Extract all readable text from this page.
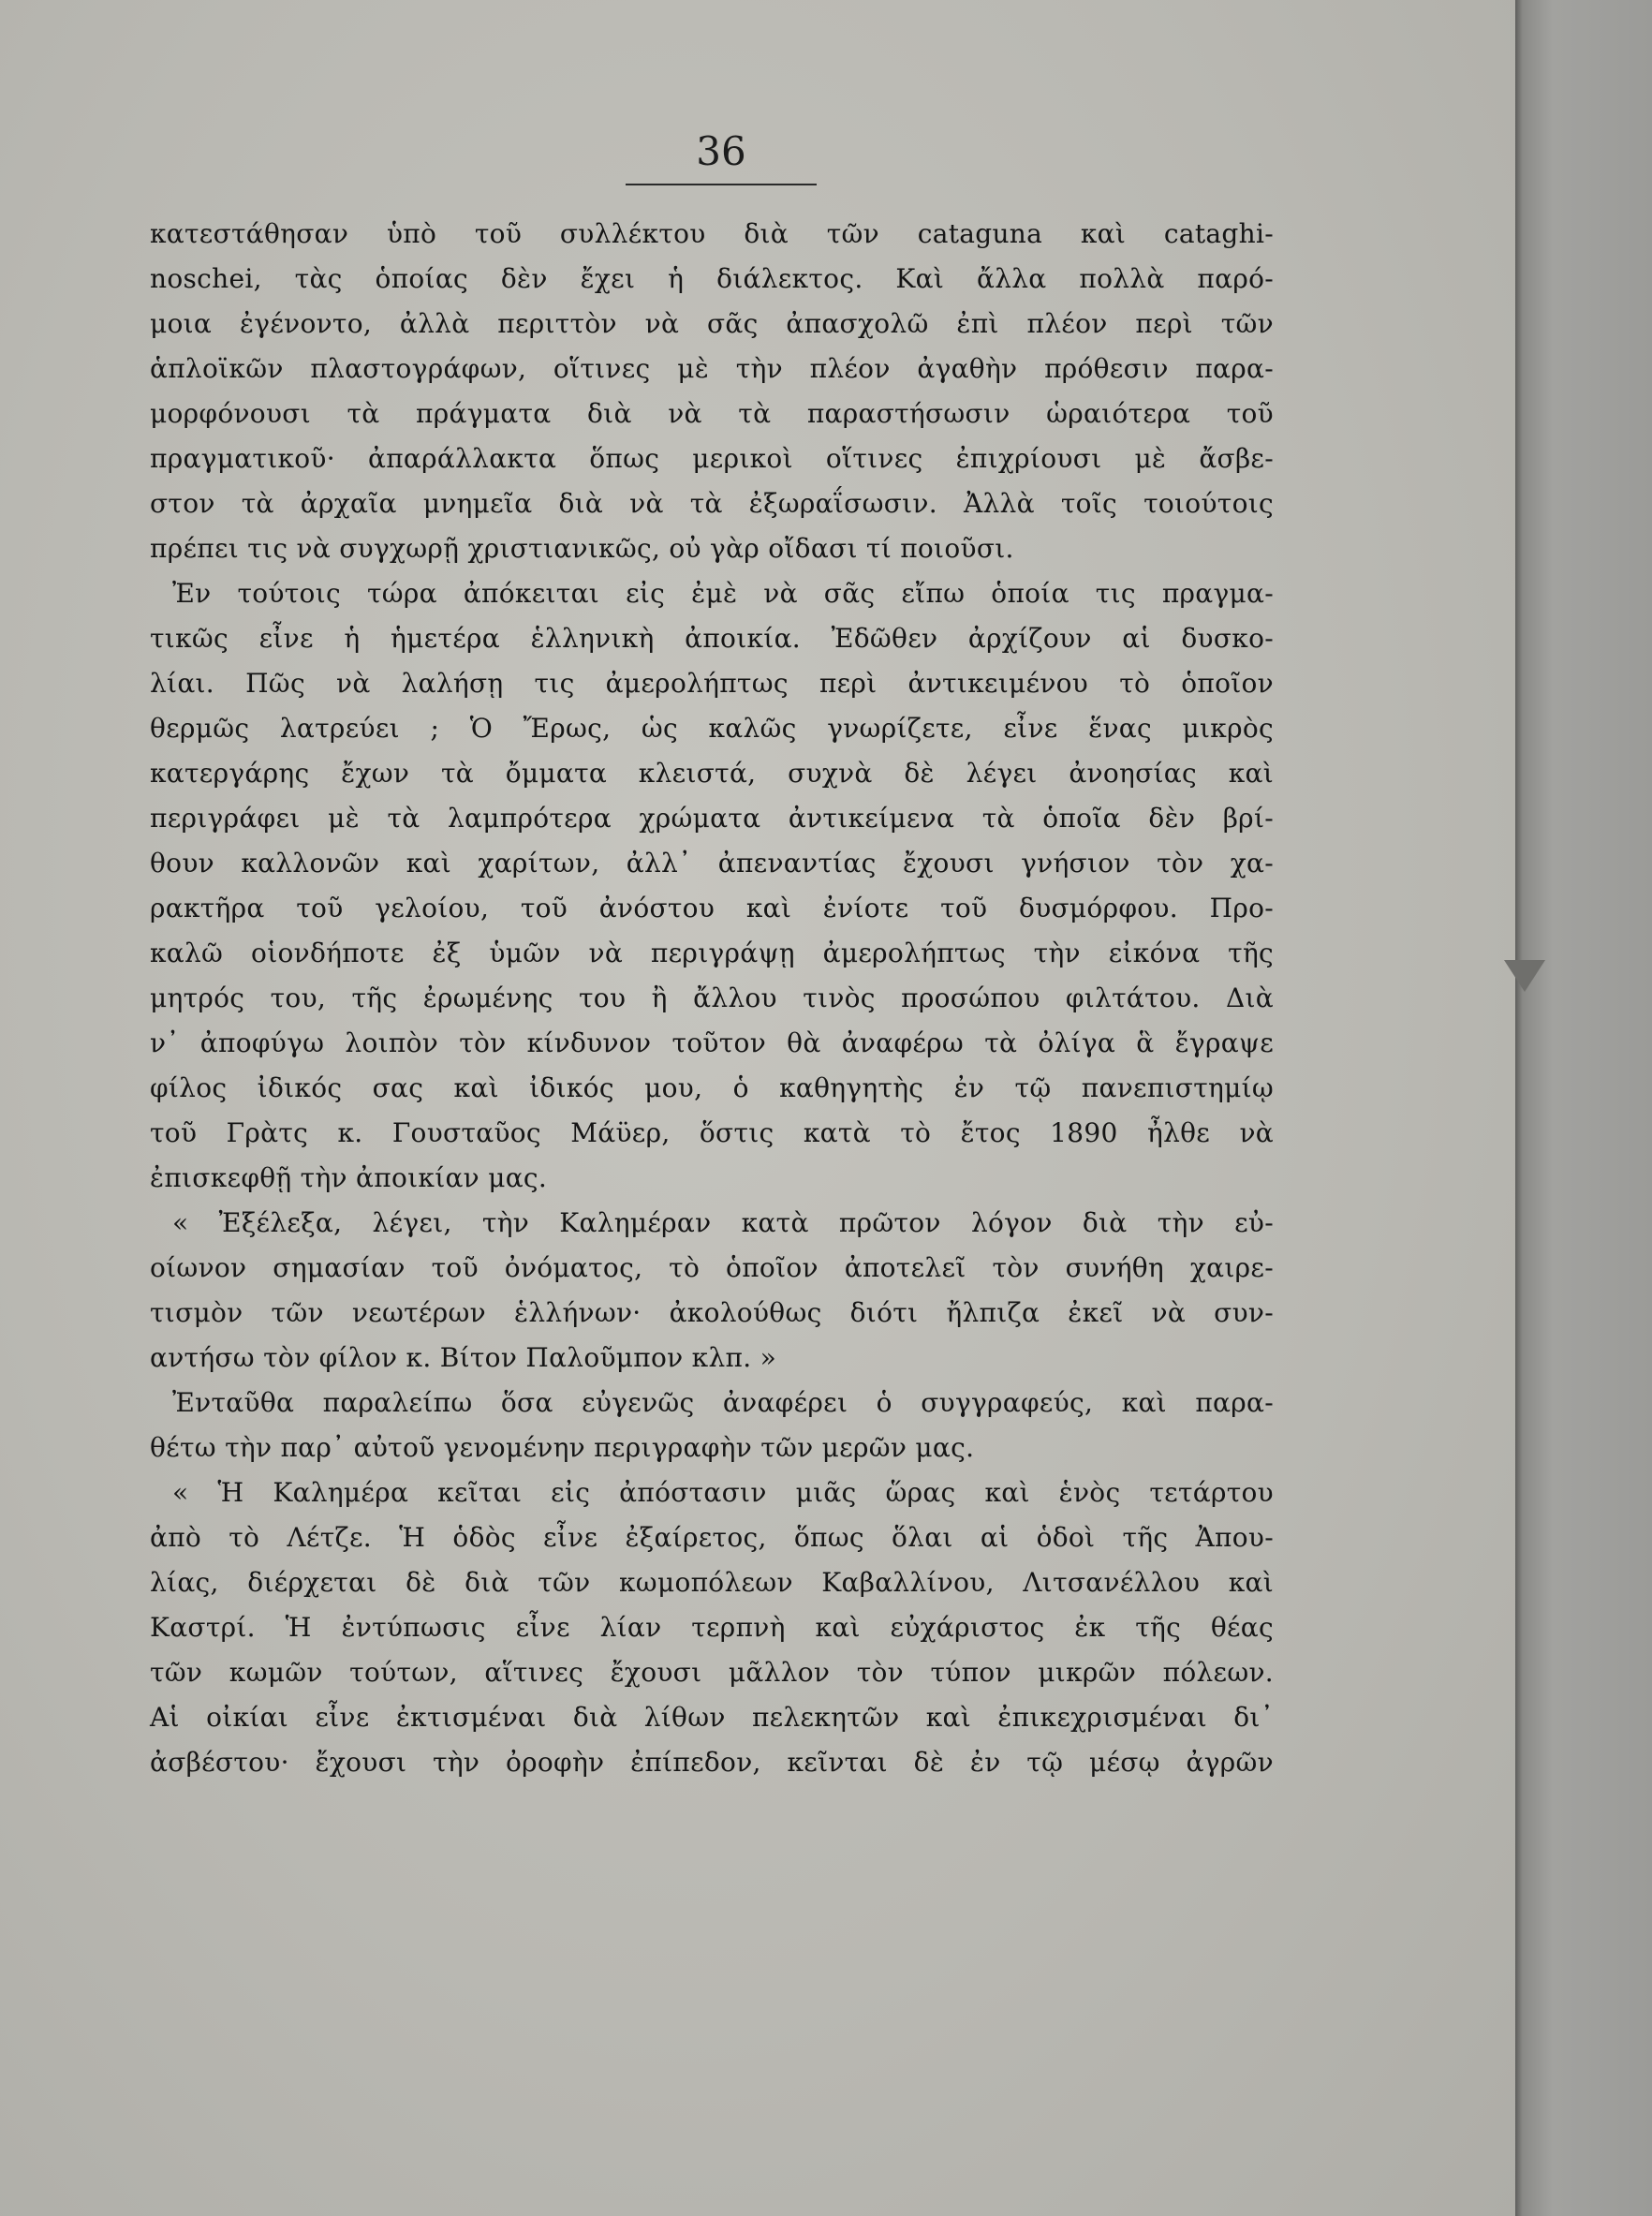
36
κατεστάθησαν ὑπὸ τοῦ συλλέκτου διὰ τῶν cataguna καὶ cataghi-
noschei, τὰς ὁποίας δὲν ἔχει ἡ διάλεκτος. Καὶ ἄλλα πολλὰ παρό-
μοια ἐγένοντο, ἀλλὰ περιττὸν νὰ σᾶς ἀπασχολῶ ἐπὶ πλέον περὶ τῶν
ἁπλοϊκῶν πλαστογράφων, οἵτινες μὲ τὴν πλέον ἀγαθὴν πρόθεσιν παρα-
μορφόνουσι τὰ πράγματα διὰ νὰ τὰ παραστήσωσιν ὡραιότερα τοῦ
πραγματικοῦ· ἀπαράλλακτα ὅπως μερικοὶ οἵτινες ἐπιχρίουσι μὲ ἄσβε-
στον τὰ ἀρχαῖα μνημεῖα διὰ νὰ τὰ ἐξωραΐσωσιν. Ἀλλὰ τοῖς τοιούτοις
πρέπει τις νὰ συγχωρῇ χριστιανικῶς, οὐ γὰρ οἴδασι τί ποιοῦσι.
Ἐν τούτοις τώρα ἀπόκειται εἰς ἐμὲ νὰ σᾶς εἴπω ὁποία τις πραγμα-
τικῶς εἶνε ἡ ἡμετέρα ἑλληνικὴ ἀποικία. Ἐδῶθεν ἀρχίζουν αἱ δυσκο-
λίαι. Πῶς νὰ λαλήσῃ τις ἀμερολήπτως περὶ ἀντικειμένου τὸ ὁποῖον
θερμῶς λατρεύει ; Ὁ Ἔρως, ὡς καλῶς γνωρίζετε, εἶνε ἕνας μικρὸς
κατεργάρης ἔχων τὰ ὄμματα κλειστά, συχνὰ δὲ λέγει ἀνοησίας καὶ
περιγράφει μὲ τὰ λαμπρότερα χρώματα ἀντικείμενα τὰ ὁποῖα δὲν βρί-
θουν καλλονῶν καὶ χαρίτων, ἀλλ᾽ ἀπεναντίας ἔχουσι γνήσιον τὸν χα-
ρακτῆρα τοῦ γελοίου, τοῦ ἀνόστου καὶ ἐνίοτε τοῦ δυσμόρφου. Προ-
καλῶ οἱονδήποτε ἐξ ὑμῶν νὰ περιγράψῃ ἀμερολήπτως τὴν εἰκόνα τῆς
μητρός του, τῆς ἐρωμένης του ἢ ἄλλου τινὸς προσώπου φιλτάτου. Διὰ
ν᾽ ἀποφύγω λοιπὸν τὸν κίνδυνον τοῦτον θὰ ἀναφέρω τὰ ὀλίγα ἃ ἔγραψε
φίλος ἰδικός σας καὶ ἰδικός μου, ὁ καθηγητὴς ἐν τῷ πανεπιστημίῳ
τοῦ Γρὰτς κ. Γουσταῦος Μάϋερ, ὅστις κατὰ τὸ ἔτος 1890 ἦλθε νὰ
ἐπισκεφθῇ τὴν ἀποικίαν μας.
« Ἐξέλεξα, λέγει, τὴν Καλημέραν κατὰ πρῶτον λόγον διὰ τὴν εὐ-
οίωνον σημασίαν τοῦ ὀνόματος, τὸ ὁποῖον ἀποτελεῖ τὸν συνήθη χαιρε-
τισμὸν τῶν νεωτέρων ἑλλήνων· ἀκολούθως διότι ἤλπιζα ἐκεῖ νὰ συν-
αντήσω τὸν φίλον κ. Βίτον Παλοῦμπον κλπ. »
Ἐνταῦθα παραλείπω ὅσα εὐγενῶς ἀναφέρει ὁ συγγραφεύς, καὶ παρα-
θέτω τὴν παρ᾽ αὐτοῦ γενομένην περιγραφὴν τῶν μερῶν μας.
« Ἡ Καλημέρα κεῖται εἰς ἀπόστασιν μιᾶς ὥρας καὶ ἑνὸς τετάρτου
ἀπὸ τὸ Λέτζε. Ἡ ὁδὸς εἶνε ἐξαίρετος, ὅπως ὅλαι αἱ ὁδοὶ τῆς Ἀπου-
λίας, διέρχεται δὲ διὰ τῶν κωμοπόλεων Καβαλλίνου, Λιτσανέλλου καὶ
Καστρί. Ἡ ἐντύπωσις εἶνε λίαν τερπνὴ καὶ εὐχάριστος ἐκ τῆς θέας
τῶν κωμῶν τούτων, αἵτινες ἔχουσι μᾶλλον τὸν τύπον μικρῶν πόλεων.
Αἱ οἰκίαι εἶνε ἐκτισμέναι διὰ λίθων πελεκητῶν καὶ ἐπικεχρισμέναι δι᾽
ἀσβέστου· ἔχουσι τὴν ὀροφὴν ἐπίπεδον, κεῖνται δὲ ἐν τῷ μέσῳ ἀγρῶν
